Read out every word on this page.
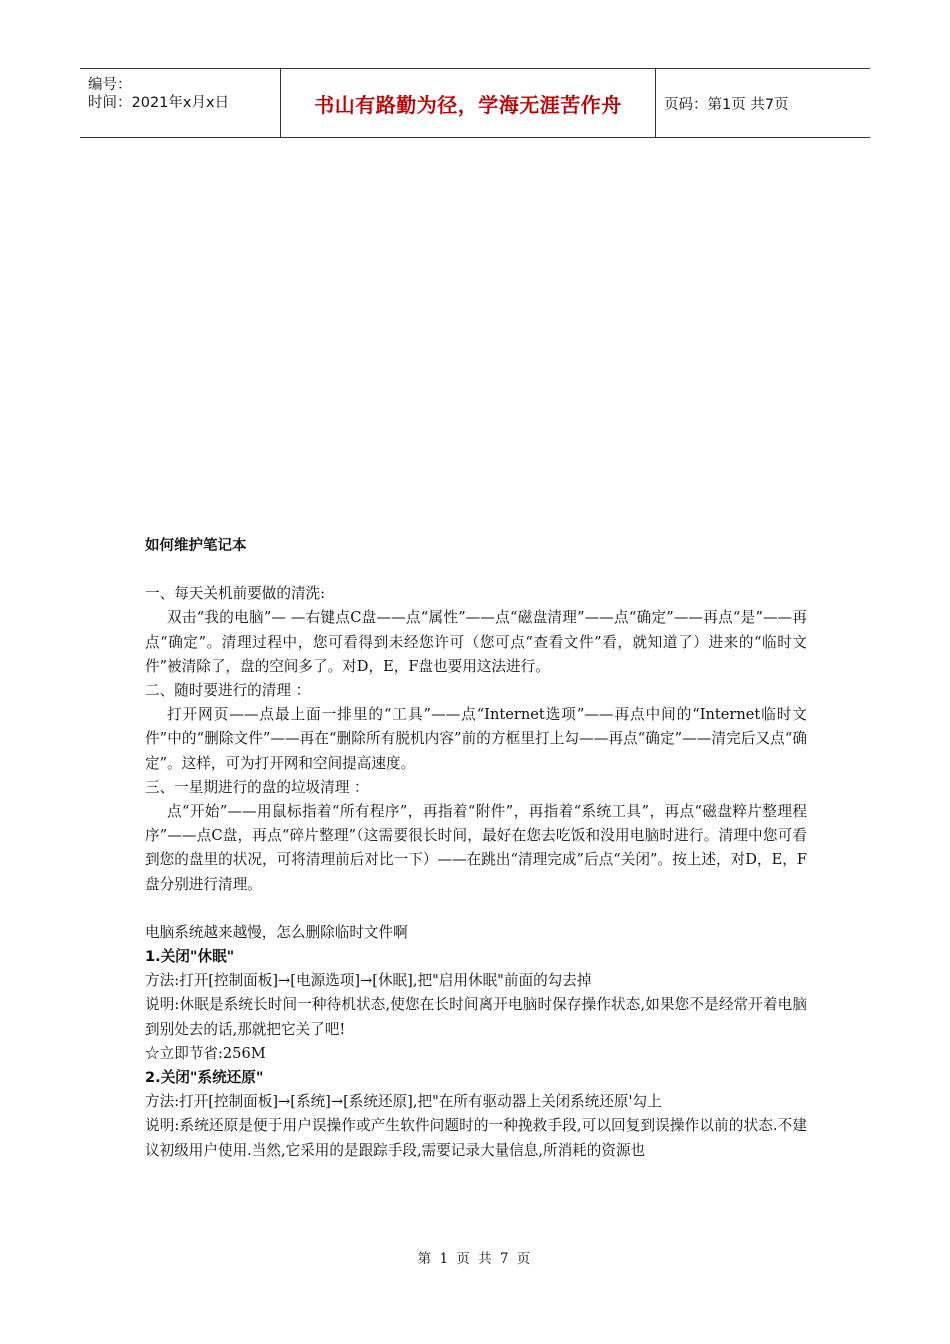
编号：
时间：2021年x月x日	书山有路勤为径，学海无涯苦作舟	页码：第1页 共7页

如何维护笔记本

一、每天关机前要做的清洗:

双击“我的电脑”— —右键点C盘——点“属性”——点“磁盘清理”——点“确定”——再点“是”——再点“确定”。清理过程中，您可看得到未经您许可（您可点“查看文件”看，就知道了）进来的“临时文件”被清除了，盘的空间多了。对D，E，F盘也要用这法进行。

二、随时要进行的清理 ：

打开网页——点最上面一排里的“工具”——点“Internet选项”——再点中间的“Internet临时文件”中的“删除文件”——再在“删除所有脱机内容”前的方框里打上勾——再点“确定”——清完后又点“确定”。这样，可为打开网和空间提高速度。

三、一星期进行的盘的垃圾清理 ：

点“开始”——用鼠标指着“所有程序”，再指着“附件”，再指着“系统工具”，再点“磁盘粹片整理程序”——点C盘，再点“碎片整理”（这需要很长时间，最好在您去吃饭和没用电脑时进行。清理中您可看到您的盘里的状况，可将清理前后对比一下）——在跳出“清理完成”后点“关闭”。按上述，对D，E，F盘分别进行清理。

电脑系统越来越慢，怎么删除临时文件啊

1.关闭"休眠"

方法:打开[控制面板]→[电源选项]→[休眠],把"启用休眠"前面的勾去掉

说明:休眠是系统长时间一种待机状态,使您在长时间离开电脑时保存操作状态,如果您不是经常开着电脑到别处去的话,那就把它关了吧!

☆立即节省:256M

2.关闭"系统还原"

方法:打开[控制面板]→[系统]→[系统还原],把"在所有驱动器上关闭系统还原'勾上

说明:系统还原是便于用户误操作或产生软件问题时的一种挽救手段,可以回复到误操作以前的状态.不建议初级用户使用.当然,它采用的是跟踪手段,需要记录大量信息,所消耗的资源也

第 1 页 共 7 页
